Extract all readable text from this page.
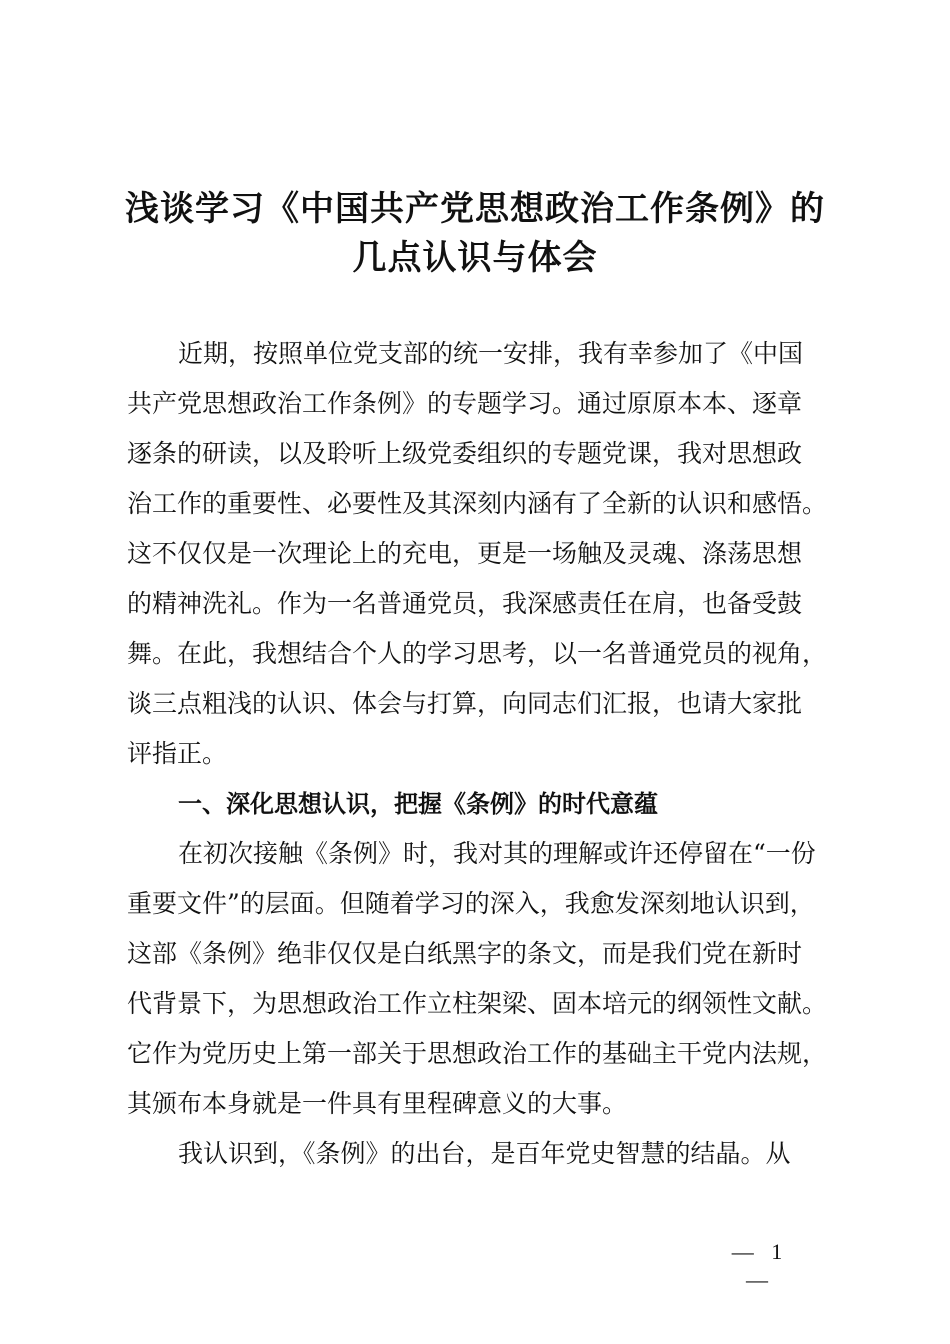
浅谈学习《中国共产党思想政治工作条例》的
几点认识与体会
近期，按照单位党支部的统一安排，我有幸参加了《中国
共产党思想政治工作条例》的专题学习。通过原原本本、逐章
逐条的研读，以及聆听上级党委组织的专题党课，我对思想政
治工作的重要性、必要性及其深刻内涵有了全新的认识和感悟。
这不仅仅是一次理论上的充电，更是一场触及灵魂、涤荡思想
的精神洗礼。作为一名普通党员，我深感责任在肩，也备受鼓
舞。在此，我想结合个人的学习思考，以一名普通党员的视角，
谈三点粗浅的认识、体会与打算，向同志们汇报，也请大家批
评指正。
一、深化思想认识，把握《条例》的时代意蕴
在初次接触《条例》时，我对其的理解或许还停留在“一份
重要文件”的层面。但随着学习的深入，我愈发深刻地认识到，
这部《条例》绝非仅仅是白纸黑字的条文，而是我们党在新时
代背景下，为思想政治工作立柱架梁、固本培元的纲领性文献。
它作为党历史上第一部关于思想政治工作的基础主干党内法规，
其颁布本身就是一件具有里程碑意义的大事。
我认识到，《条例》的出台，是百年党史智慧的结晶。从
— 1 —
